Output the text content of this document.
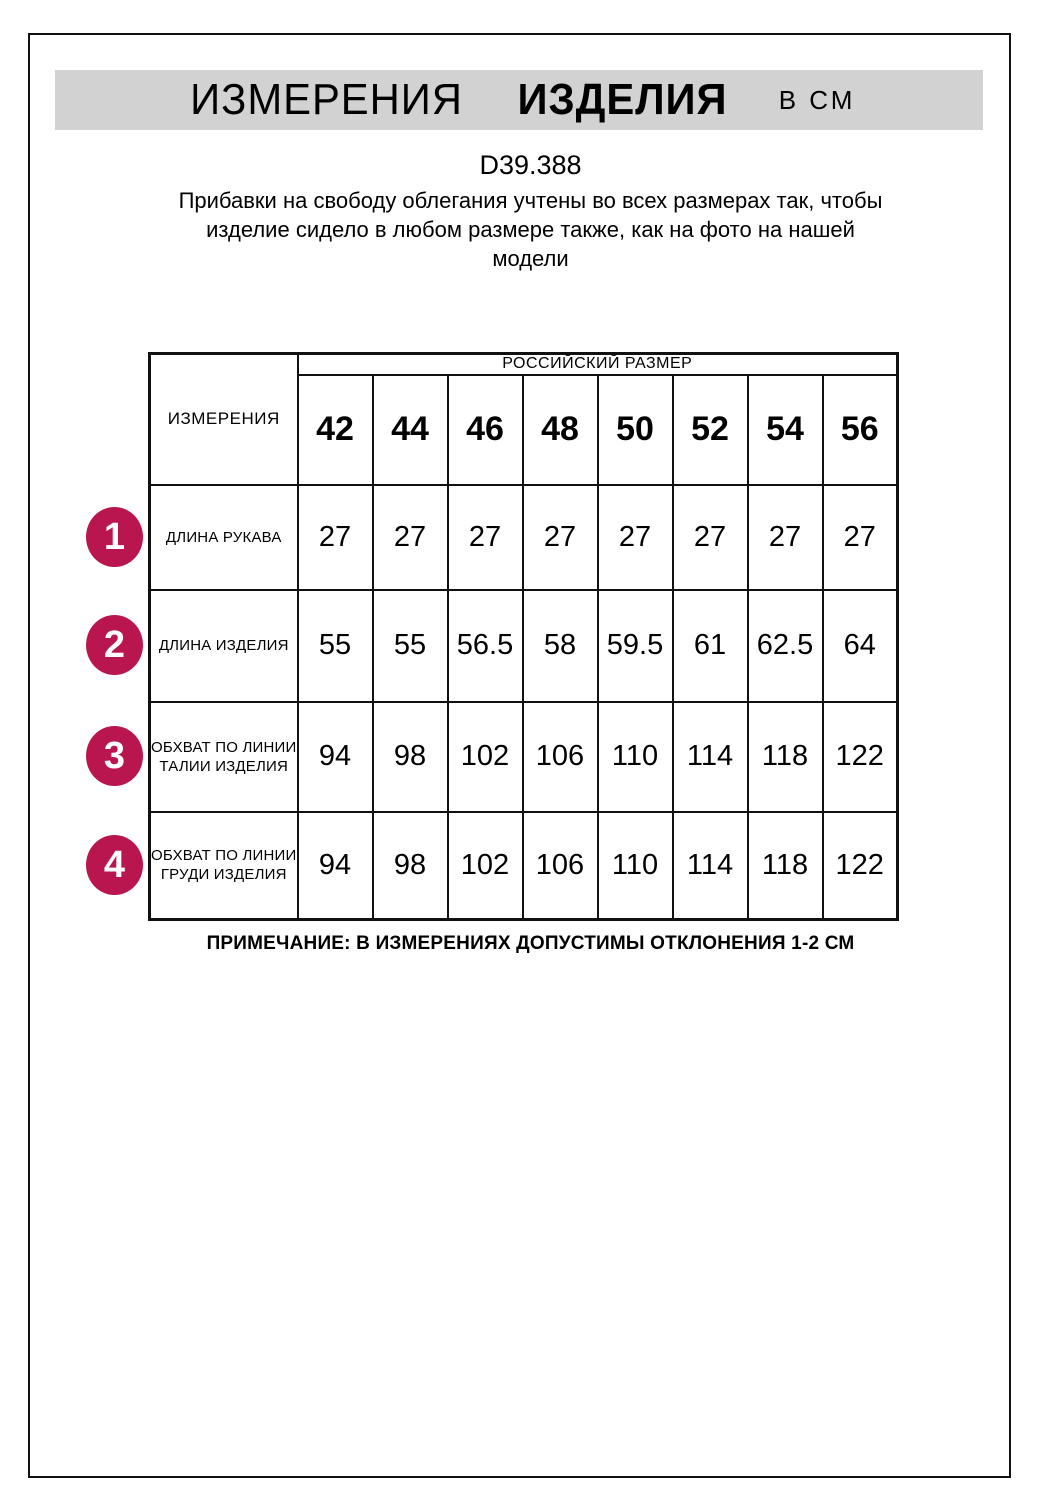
ИЗМЕРЕНИЯ ИЗДЕЛИЯ В СМ
D39.388
Прибавки на свободу облегания учтены во всех размерах так, чтобы
изделие сидело в любом размере также, как на фото на нашей
модели
ИЗМЕРЕНИЯ	РОССИЙСКИЙ РАЗМЕР							
	42	44	46	48	50	52	54	56
ДЛИНА РУКАВА	27	27	27	27	27	27	27	27
ДЛИНА ИЗДЕЛИЯ	55	55	56.5	58	59.5	61	62.5	64
ОБХВАТ ПО ЛИНИИ ТАЛИИ ИЗДЕЛИЯ	94	98	102	106	110	114	118	122
ОБХВАТ ПО ЛИНИИ ГРУДИ ИЗДЕЛИЯ	94	98	102	106	110	114	118	122
1
2
3
4
ПРИМЕЧАНИЕ: В ИЗМЕРЕНИЯХ ДОПУСТИМЫ ОТКЛОНЕНИЯ 1-2 СМ
